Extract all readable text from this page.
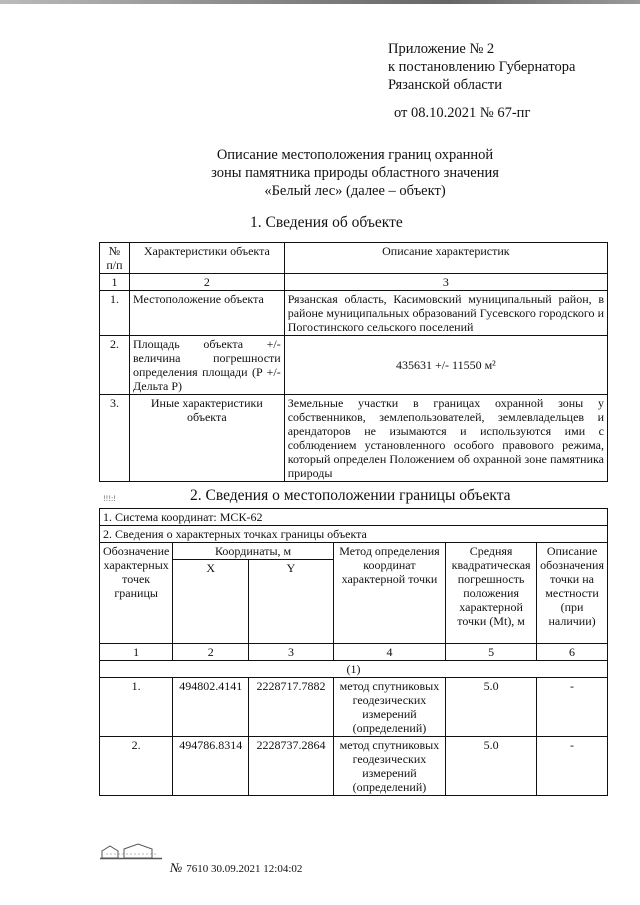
Приложение № 2
к постановлению Губернатора
Рязанской области
от 08.10.2021 № 67-пг
Описание местоположения границ охранной
зоны памятника природы областного значения
«Белый лес» (далее – объект)
1. Сведения об объекте
№ п/п	Характеристики объекта	Описание характеристик
1	2	3
1.	Местоположение объекта	Рязанская область, Касимовский муниципальный район, в районе муниципальных образований Гусевского городского и Погостинского сельского поселений
2.	Площадь объекта +/- величина погрешности определения площади (P +/- Дельта P)	435631 +/- 11550 м²
3.	Иные характеристики объекта	Земельные участки в границах охранной зоны у собственников, землепользователей, землевладельцев и арендаторов не изымаются и используются ими с соблюдением установленного особого правового режима, который определен Положением об охранной зоне памятника природы
!!!:!	2. Сведения о местоположении границы объекта
1. Система координат: МСК-62					
2. Сведения о характерных точках границы объекта					
Обозначение характерных точек границы	Координаты, м		Метод определения координат характерной точки	Средняя квадратическая погрешность положения характерной точки (Mt), м	Описание обозначения точки на местности (при наличии)
	X	Y			
1	2	3	4	5	6
(1)					
1.	494802.4141	2228717.7882	метод спутниковых геодезических измерений (определений)	5.0	-
2.	494786.8314	2228737.2864	метод спутниковых геодезических измерений (определений)	5.0	-
№ 7610 30.09.2021 12:04:02
